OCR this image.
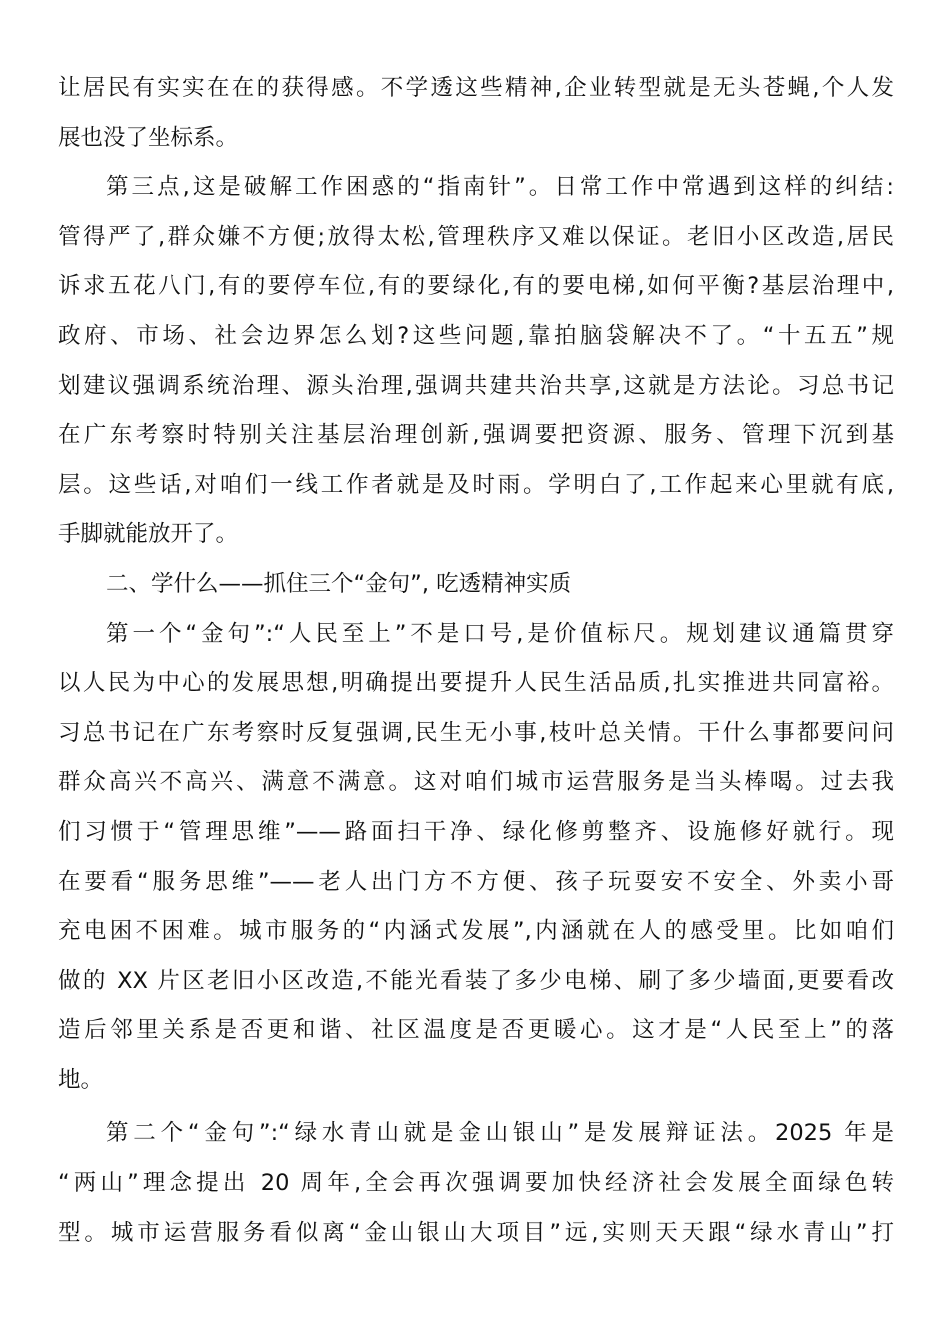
让居民有实实在在的获得感。不学透这些精神,企业转型就是无头苍蝇,个人发
展也没了坐标系。
第三点,这是破解工作困惑的“指南针”。日常工作中常遇到这样的纠结:
管得严了,群众嫌不方便;放得太松,管理秩序又难以保证。老旧小区改造,居民
诉求五花八门,有的要停车位,有的要绿化,有的要电梯,如何平衡?基层治理中,
政府、市场、社会边界怎么划?这些问题,靠拍脑袋解决不了。“十五五”规
划建议强调系统治理、源头治理,强调共建共治共享,这就是方法论。习总书记
在广东考察时特别关注基层治理创新,强调要把资源、服务、管理下沉到基
层。这些话,对咱们一线工作者就是及时雨。学明白了,工作起来心里就有底,
手脚就能放开了。
二、学什么——抓住三个“金句”, 吃透精神实质
第一个“金句”:“人民至上”不是口号,是价值标尺。规划建议通篇贯穿
以人民为中心的发展思想,明确提出要提升人民生活品质,扎实推进共同富裕。
习总书记在广东考察时反复强调,民生无小事,枝叶总关情。干什么事都要问问
群众高兴不高兴、满意不满意。这对咱们城市运营服务是当头棒喝。过去我
们习惯于“管理思维”——路面扫干净、绿化修剪整齐、设施修好就行。现
在要看“服务思维”——老人出门方不方便、孩子玩耍安不安全、外卖小哥
充电困不困难。城市服务的“内涵式发展”,内涵就在人的感受里。比如咱们
做的 XX 片区老旧小区改造,不能光看装了多少电梯、刷了多少墙面,更要看改
造后邻里关系是否更和谐、社区温度是否更暖心。这才是“人民至上”的落
地。
第二个“金句”:“绿水青山就是金山银山”是发展辩证法。2025 年是
“两山”理念提出 20 周年,全会再次强调要加快经济社会发展全面绿色转
型。城市运营服务看似离“金山银山大项目”远,实则天天跟“绿水青山”打
